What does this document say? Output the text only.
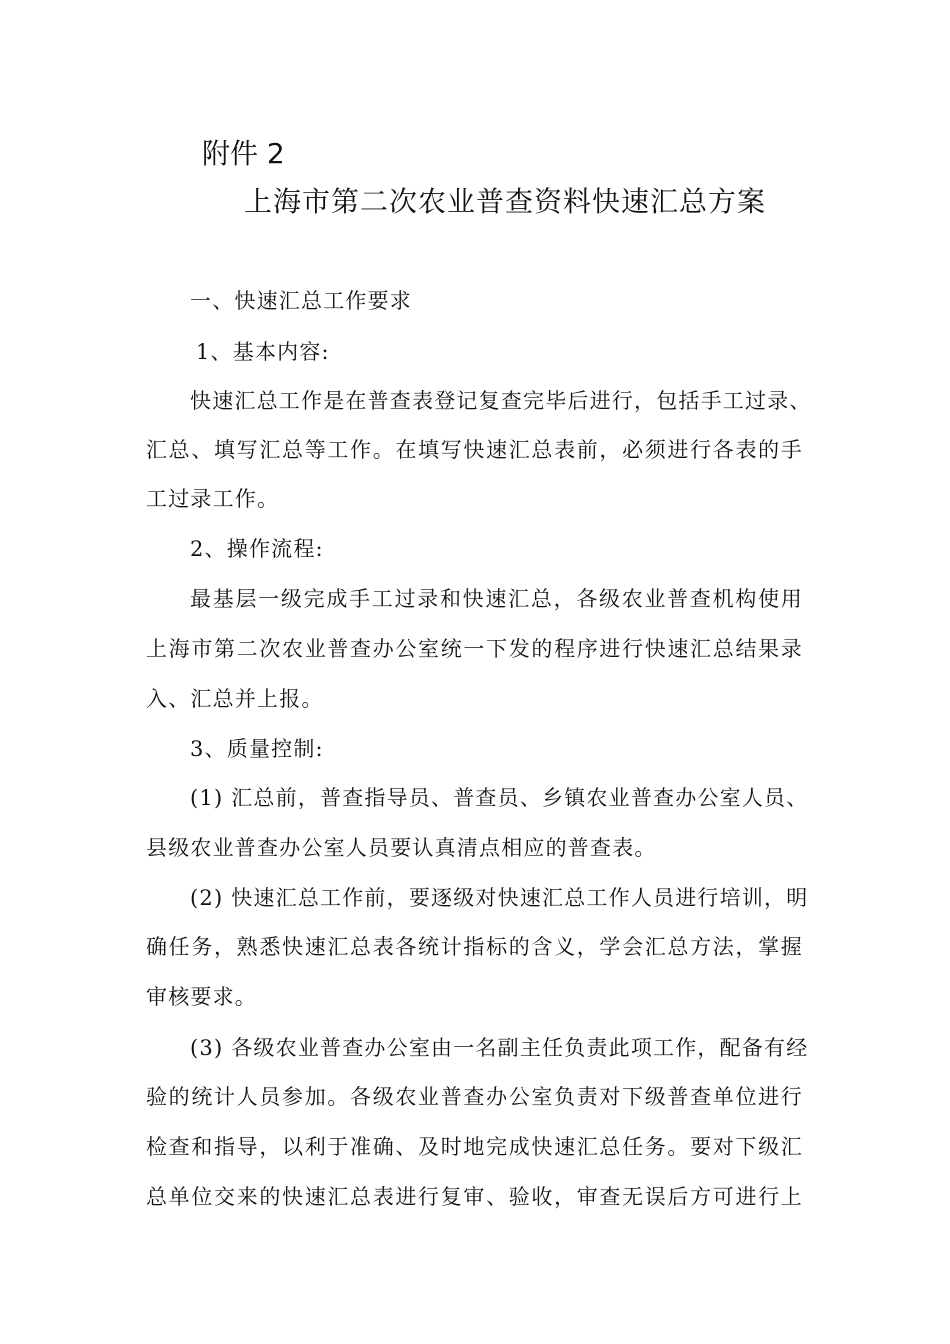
附件 2
上海市第二次农业普查资料快速汇总方案
一、快速汇总工作要求
1、基本内容:
快速汇总工作是在普查表登记复查完毕后进行，包括手工过录、
汇总、填写汇总等工作。在填写快速汇总表前，必须进行各表的手
工过录工作。
2、操作流程:
最基层一级完成手工过录和快速汇总，各级农业普查机构使用
上海市第二次农业普查办公室统一下发的程序进行快速汇总结果录
入、汇总并上报。
3、质量控制:
(1) 汇总前，普查指导员、普查员、乡镇农业普查办公室人员、
县级农业普查办公室人员要认真清点相应的普查表。
(2) 快速汇总工作前，要逐级对快速汇总工作人员进行培训，明
确任务，熟悉快速汇总表各统计指标的含义，学会汇总方法，掌握
审核要求。
(3) 各级农业普查办公室由一名副主任负责此项工作，配备有经
验的统计人员参加。各级农业普查办公室负责对下级普查单位进行
检查和指导，以利于准确、及时地完成快速汇总任务。要对下级汇
总单位交来的快速汇总表进行复审、验收，审查无误后方可进行上
